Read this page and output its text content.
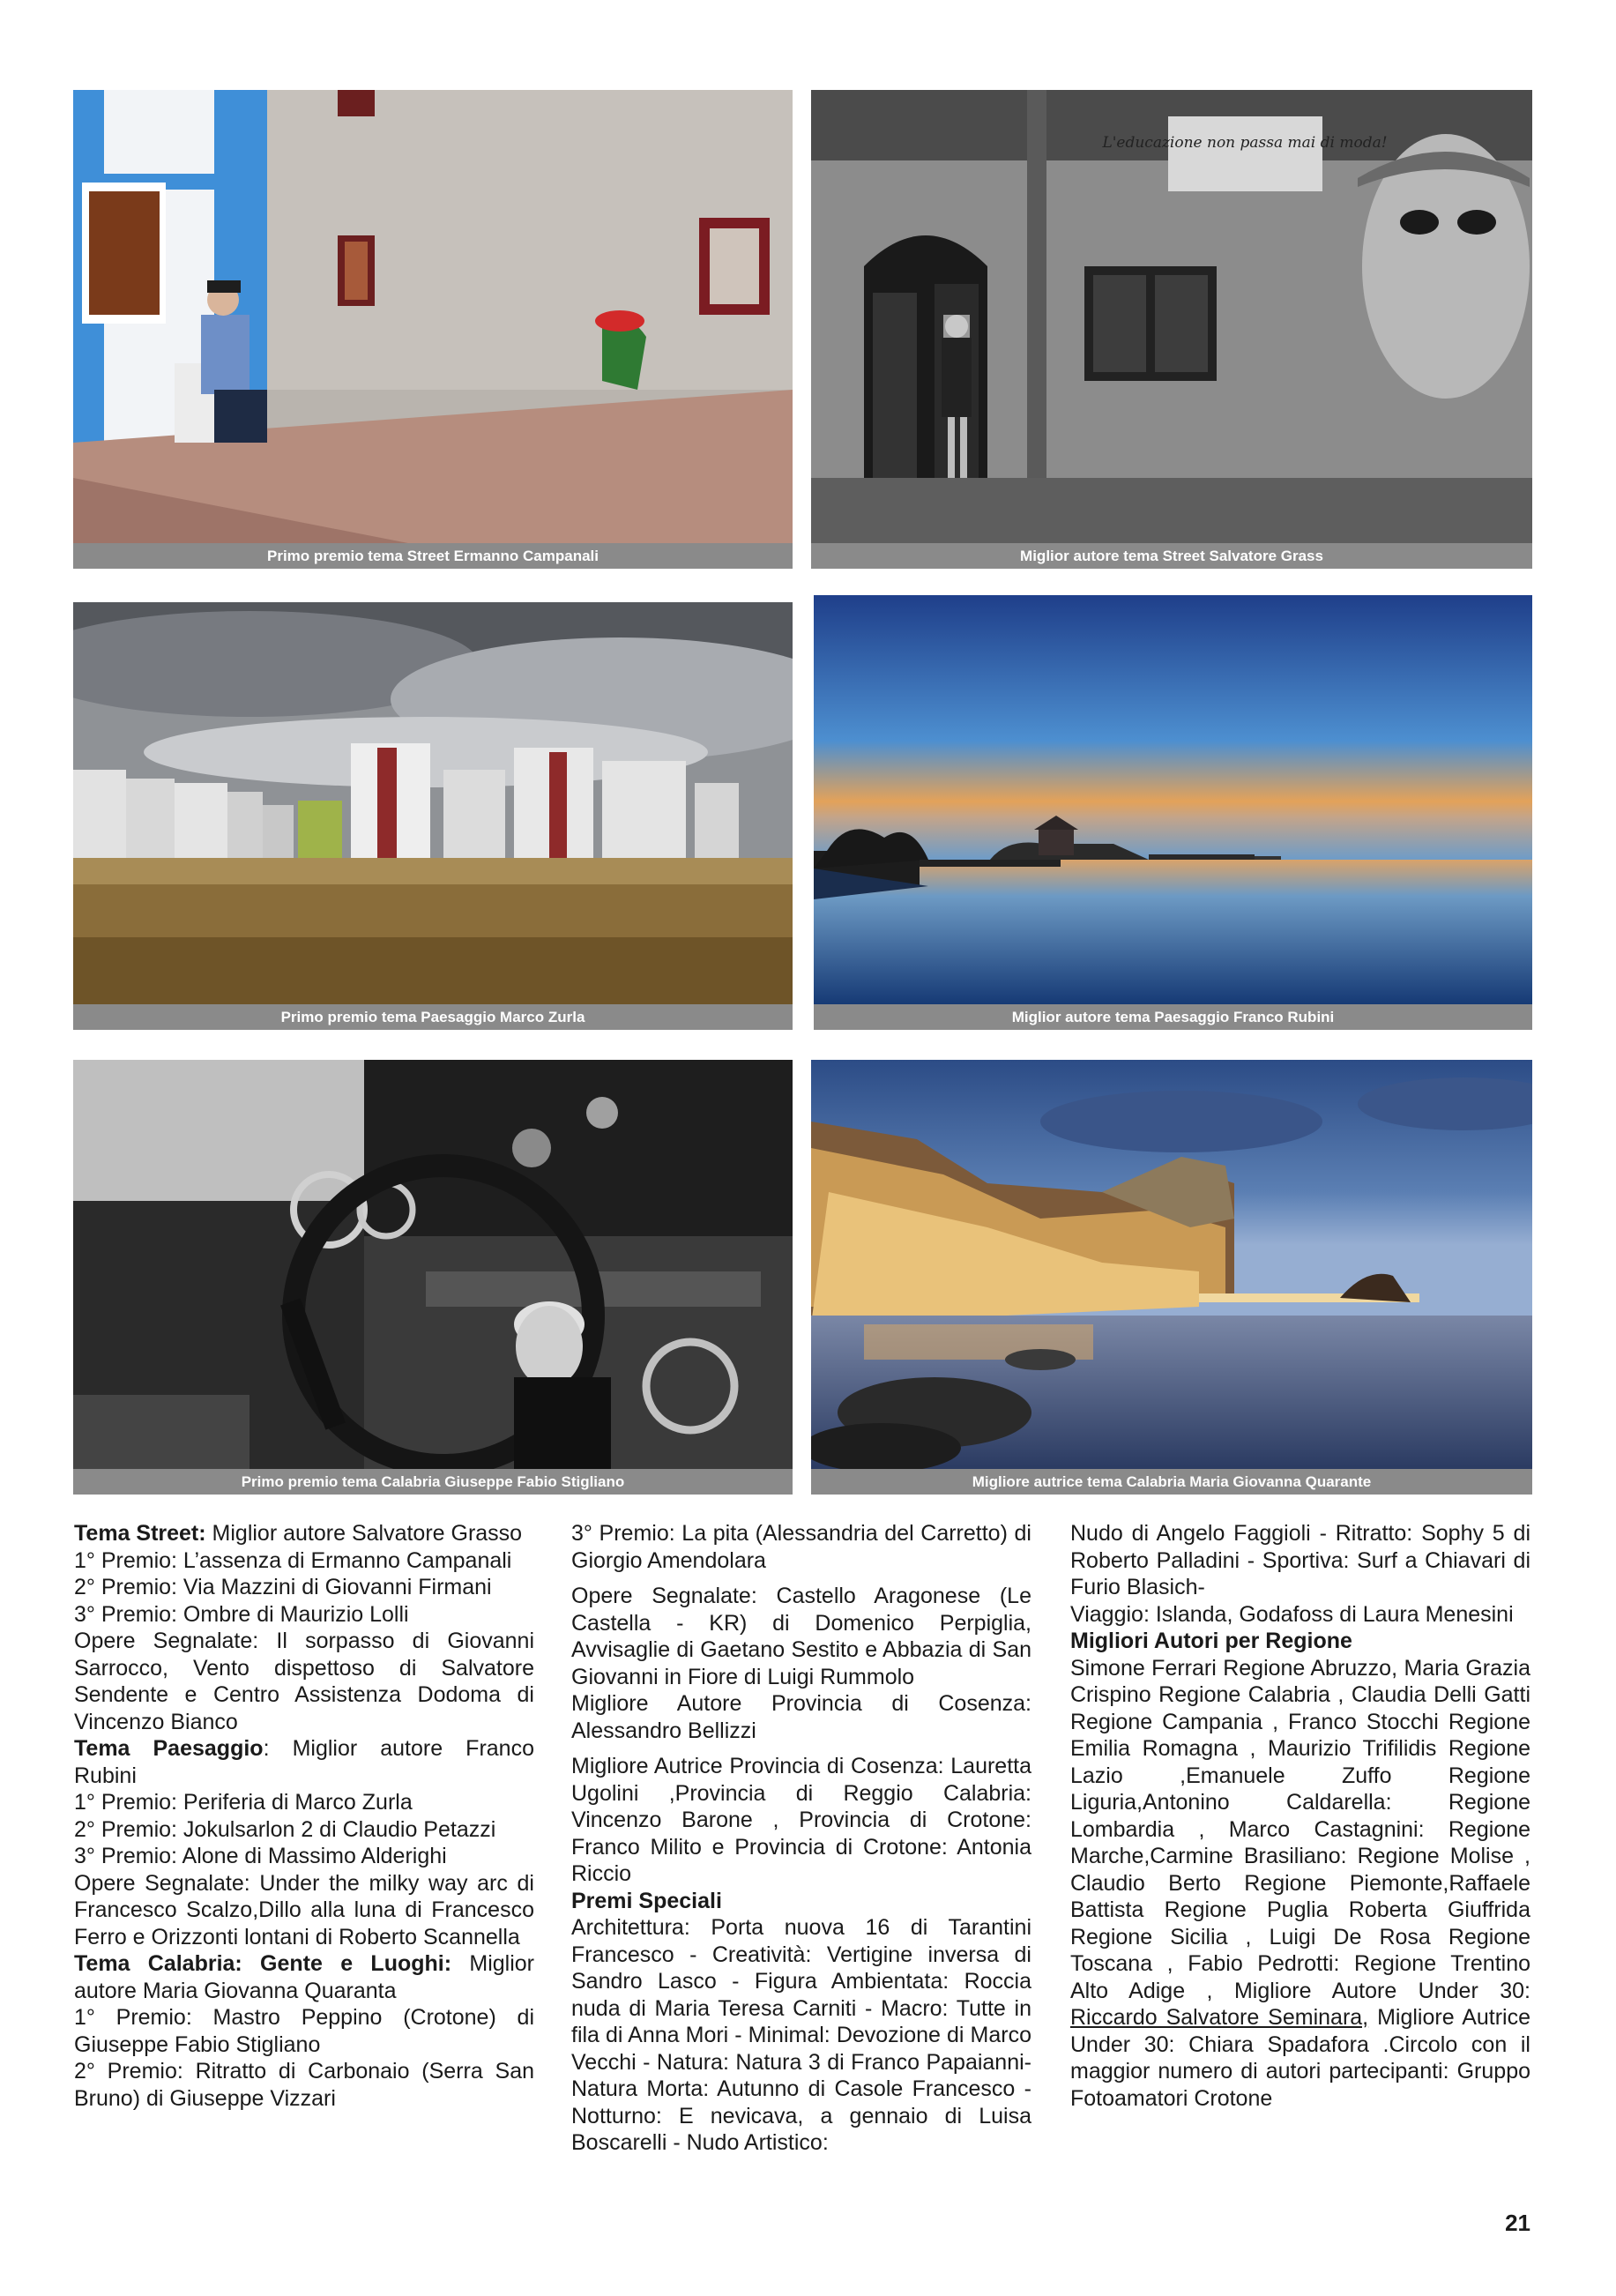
Primo premio tema Street Ermanno Campanali
L'educazione non passa mai di moda!
Miglior autore tema Street Salvatore Grass
Primo premio tema Paesaggio Marco Zurla	Miglior autore tema Paesaggio Franco Rubini
Primo premio tema Calabria Giuseppe Fabio Stigliano	Migliore autrice tema Calabria Maria Giovanna Quarante

Tema Street: Miglior autore Salvatore Grasso

1° Premio: L’assenza di Ermanno Campanali

2° Premio: Via Mazzini di Giovanni Firmani

3° Premio: Ombre di Maurizio Lolli

Opere Segnalate: Il sorpasso di Giovanni Sarrocco, Vento dispettoso di Salvatore Sendente e Centro Assistenza Dodoma di Vincenzo Bianco

Tema Paesaggio: Miglior autore Franco Rubini

1° Premio: Periferia di Marco Zurla

2° Premio: Jokulsarlon 2 di Claudio Petazzi

3° Premio: Alone di Massimo Alderighi

Opere Segnalate: Under the milky way arc di Francesco Scalzo,Dillo alla luna di Francesco Ferro e Orizzonti lontani di Roberto Scannella

Tema Calabria: Gente e Luoghi: Miglior autore Maria Giovanna Quaranta

1° Premio: Mastro Peppino (Crotone) di Giuseppe Fabio Stigliano

2° Premio: Ritratto di Carbonaio (Serra San Bruno) di Giuseppe Vizzari

3° Premio: La pita (Alessandria del Carretto) di Giorgio Amendolara

Opere Segnalate: Castello Aragonese (Le Castella - KR) di Domenico Perpiglia, Avvisaglie di Gaetano Sestito e Abbazia di San Giovanni in Fiore di Luigi Rummolo

Migliore Autore Provincia di Cosenza: Alessandro Bellizzi

Migliore Autrice Provincia di Cosenza: Lauretta Ugolini ,Provincia di Reggio Calabria: Vincenzo Barone , Provincia di Crotone: Franco Milito e Provincia di Crotone: Antonia Riccio

Premi Speciali

Architettura: Porta nuova 16 di Tarantini Francesco - Creatività: Vertigine inversa di Sandro Lasco - Figura Ambientata: Roccia nuda di Maria Teresa Carniti - Macro: Tutte in fila di Anna Mori - Minimal: Devozione di Marco Vecchi - Natura: Natura 3 di Franco Papaianni- Natura Morta: Autunno di Casole Francesco -Notturno: E nevicava, a gennaio di Luisa Boscarelli - Nudo Artistico:

Nudo di Angelo Faggioli - Ritratto: Sophy 5 di Roberto Palladini - Sportiva: Surf a Chiavari di Furio Blasich-

Viaggio: Islanda, Godafoss di Laura Menesini

Migliori Autori per Regione

Simone Ferrari Regione Abruzzo, Maria Grazia Crispino Regione Calabria , Claudia Delli Gatti Regione Campania , Franco Stocchi Regione Emilia Romagna , Maurizio Trifilidis Regione Lazio ,Emanuele Zuffo Regione Liguria,Antonino Caldarella: Regione Lombardia , Marco Castagnini: Regione Marche,Carmine Brasiliano: Regione Molise , Claudio Berto Regione Piemonte,Raffaele Battista Regione Puglia Roberta Giuffrida Regione Sicilia , Luigi De Rosa Regione Toscana , Fabio Pedrotti: Regione Trentino Alto Adige , Migliore Autore Under 30: Riccardo Salvatore Seminara, Migliore Autrice Under 30: Chiara Spadafora .Circolo con il maggior numero di autori partecipanti: Gruppo Fotoamatori Crotone

21
